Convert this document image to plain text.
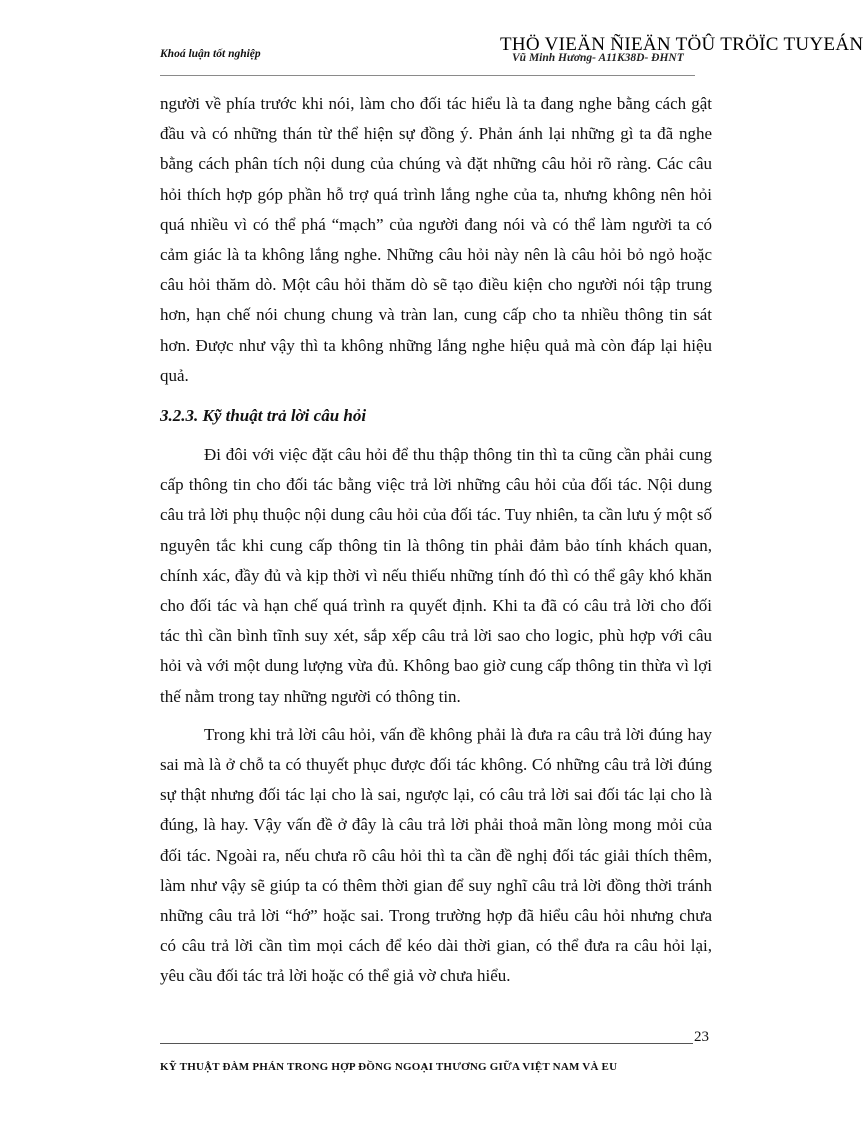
Khoá luận tốt nghiệp	Vũ Minh Hương- A11K38D- ĐHNT
THÖ VIEÄN ÑIEÄN TÖÛ TRÖÏC TUYEÁN

người về phía trước khi nói, làm cho đối tác hiểu là ta đang nghe bằng cách gật đầu và có những thán từ thể hiện sự đồng ý. Phản ánh lại những gì ta đã nghe bằng cách phân tích nội dung của chúng và đặt những câu hỏi rõ ràng. Các câu hỏi thích hợp góp phần hỗ trợ quá trình lắng nghe của ta, nhưng không nên hỏi quá nhiều vì có thể phá “mạch” của người đang nói và có thể làm người ta có cảm giác là ta không lắng nghe. Những câu hỏi này nên là câu hỏi bỏ ngỏ hoặc câu hỏi thăm dò. Một câu hỏi thăm dò sẽ tạo điều kiện cho người nói tập trung hơn, hạn chế nói chung chung và tràn lan, cung cấp cho ta nhiều thông tin sát hơn. Được như vậy thì ta không những lắng nghe hiệu quả mà còn đáp lại hiệu quả.

3.2.3. Kỹ thuật trả lời câu hỏi

Đi đôi với việc đặt câu hỏi để thu thập thông tin thì ta cũng cần phải cung cấp thông tin cho đối tác bằng việc trả lời những câu hỏi của đối tác. Nội dung câu trả lời phụ thuộc nội dung câu hỏi của đối tác. Tuy nhiên, ta cần lưu ý một số nguyên tắc khi cung cấp thông tin là thông tin phải đảm bảo tính khách quan, chính xác, đầy đủ và kịp thời vì nếu thiếu những tính đó thì có thể gây khó khăn cho đối tác và hạn chế quá trình ra quyết định. Khi ta đã có câu trả lời cho đối tác thì cần bình tĩnh suy xét, sắp xếp câu trả lời sao cho logic, phù hợp với câu hỏi và với một dung lượng vừa đủ. Không bao giờ cung cấp thông tin thừa vì lợi thế nằm trong tay những người có thông tin.

Trong khi trả lời câu hỏi, vấn đề không phải là đưa ra câu trả lời đúng hay sai mà là ở chỗ ta có thuyết phục được đối tác không. Có những câu trả lời đúng sự thật nhưng đối tác lại cho là sai, ngược lại, có câu trả lời sai đối tác lại cho là đúng, là hay. Vậy vấn đề ở đây là câu trả lời phải thoả mãn lòng mong mỏi của đối tác. Ngoài ra, nếu chưa rõ câu hỏi thì ta cần đề nghị đối tác giải thích thêm, làm như vậy sẽ giúp ta có thêm thời gian để suy nghĩ câu trả lời đồng thời tránh những câu trả lời “hớ” hoặc sai. Trong trường hợp đã hiểu câu hỏi nhưng chưa có câu trả lời cần tìm mọi cách để kéo dài thời gian, có thể đưa ra câu hỏi lại, yêu cầu đối tác trả lời hoặc có thể giả vờ chưa hiểu.

23
KỸ THUẬT ĐÀM PHÁN TRONG HỢP ĐỒNG NGOẠI THƯƠNG GIỮA VIỆT NAM VÀ EU
